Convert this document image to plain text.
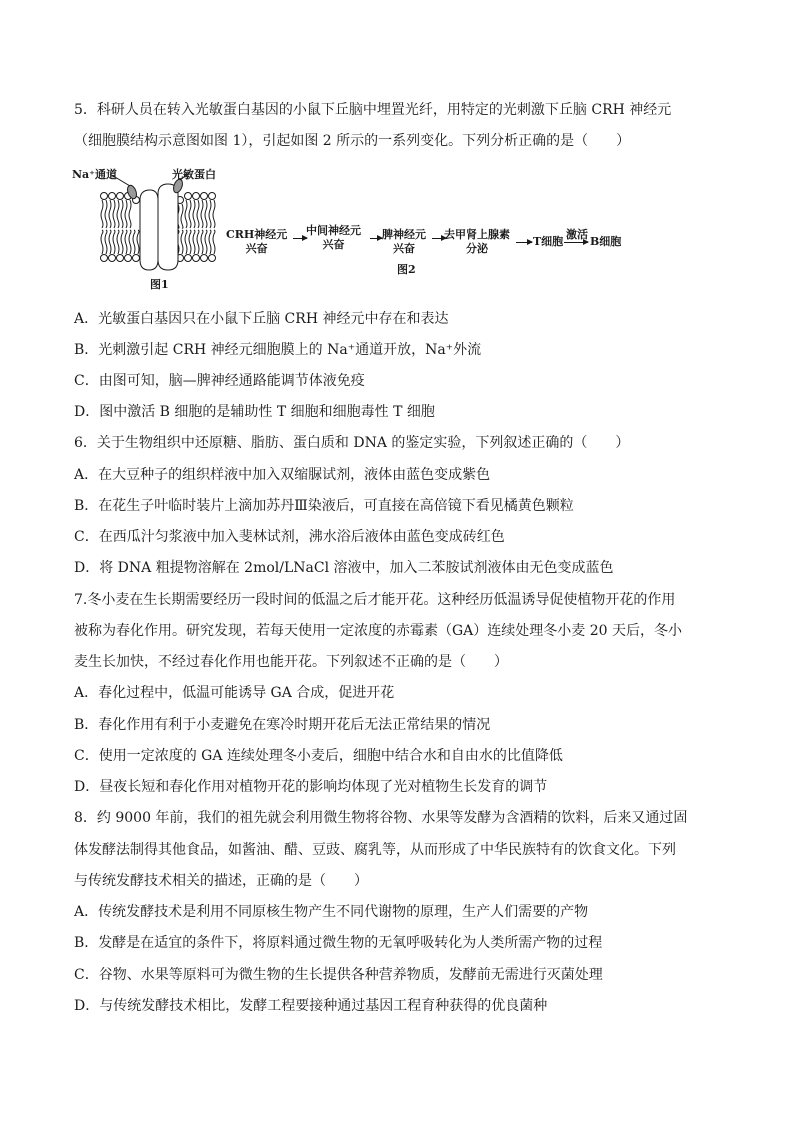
5．科研人员在转入光敏蛋白基因的小鼠下丘脑中埋置光纤，用特定的光刺激下丘脑 CRH 神经元
（细胞膜结构示意图如图 1），引起如图 2 所示的一系列变化。下列分析正确的是（　　）
Na⁺通道	光敏蛋白
图1
CRH神经元
兴奋
中间神经元
兴奋
脾神经元
兴奋
去甲肾上腺素
分泌
T细胞
激活
B细胞
图2
A．光敏蛋白基因只在小鼠下丘脑 CRH 神经元中存在和表达
B．光刺激引起 CRH 神经元细胞膜上的 Na⁺通道开放，Na⁺外流
C．由图可知，脑—脾神经通路能调节体液免疫
D．图中激活 B 细胞的是辅助性 T 细胞和细胞毒性 T 细胞
6．关于生物组织中还原糖、脂肪、蛋白质和 DNA 的鉴定实验，下列叙述正确的（　　）
A．在大豆种子的组织样液中加入双缩脲试剂，液体由蓝色变成紫色
B．在花生子叶临时装片上滴加苏丹Ⅲ染液后，可直接在高倍镜下看见橘黄色颗粒
C．在西瓜汁匀浆液中加入斐林试剂，沸水浴后液体由蓝色变成砖红色
D．将 DNA 粗提物溶解在 2mol/LNaCl 溶液中，加入二苯胺试剂液体由无色变成蓝色
7.冬小麦在生长期需要经历一段时间的低温之后才能开花。这种经历低温诱导促使植物开花的作用
被称为春化作用。研究发现，若每天使用一定浓度的赤霉素（GA）连续处理冬小麦 20 天后，冬小
麦生长加快，不经过春化作用也能开花。下列叙述不正确的是（　　）
A．春化过程中，低温可能诱导 GA 合成，促进开花
B．春化作用有利于小麦避免在寒冷时期开花后无法正常结果的情况
C．使用一定浓度的 GA 连续处理冬小麦后，细胞中结合水和自由水的比值降低
D．昼夜长短和春化作用对植物开花的影响均体现了光对植物生长发育的调节
8．约 9000 年前，我们的祖先就会利用微生物将谷物、水果等发酵为含酒精的饮料，后来又通过固
体发酵法制得其他食品，如酱油、醋、豆豉、腐乳等，从而形成了中华民族特有的饮食文化。下列
与传统发酵技术相关的描述，正确的是（　　）
A．传统发酵技术是利用不同原核生物产生不同代谢物的原理，生产人们需要的产物
B．发酵是在适宜的条件下，将原料通过微生物的无氧呼吸转化为人类所需产物的过程
C．谷物、水果等原料可为微生物的生长提供各种营养物质，发酵前无需进行灭菌处理
D．与传统发酵技术相比，发酵工程要接种通过基因工程育种获得的优良菌种
